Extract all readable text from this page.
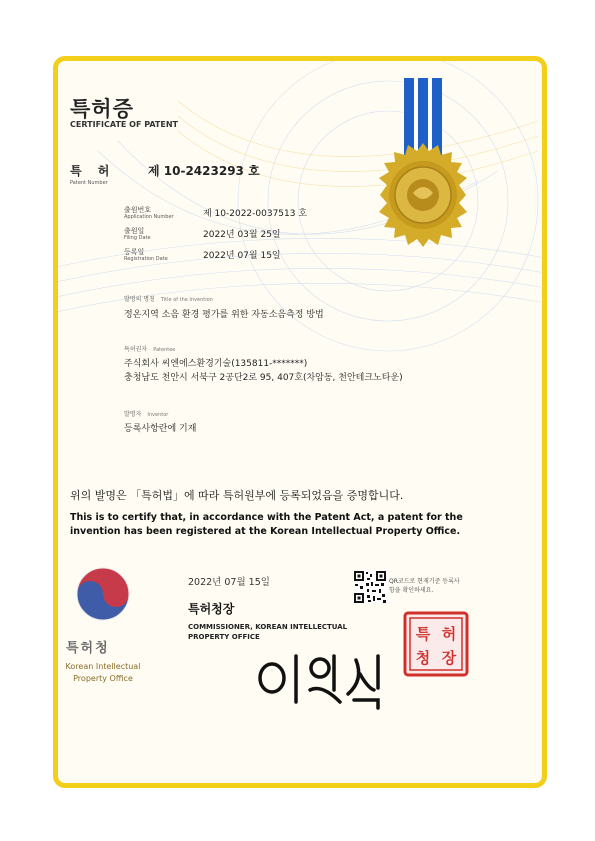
특허증
CERTIFICATE OF PATENT
특 허
Patent Number
제 10-2423293 호
출원번호
Application Number	제 10-2022-0037513 호
출원일
Filing Date	2022년 03월 25일
등록일
Registration Date	2022년 07월 15일
발명의 명칭 Title of the Invention
정온지역 소음 환경 평가를 위한 자동소음측정 방법
특허권자 Patentee
주식회사 씨엔에스환경기술(135811-*******)
충청남도 천안시 서북구 2공단2로 95, 407호(차암동, 천안테크노타운)
발명자 Inventor
등록사항란에 기재
위의 발명은 「특허법」에 따라 특허원부에 등록되었음을 증명합니다.
This is to certify that, in accordance with the Patent Act, a patent for the invention has been registered at the Korean Intellectual Property Office.
특허청
Korean Intellectual Property Office
2022년 07월 15일
특허청장
COMMISSIONER, KOREAN INTELLECTUAL PROPERTY OFFICE
QR코드로 현재기준 등록사항을 확인하세요.
특 허
청 장
